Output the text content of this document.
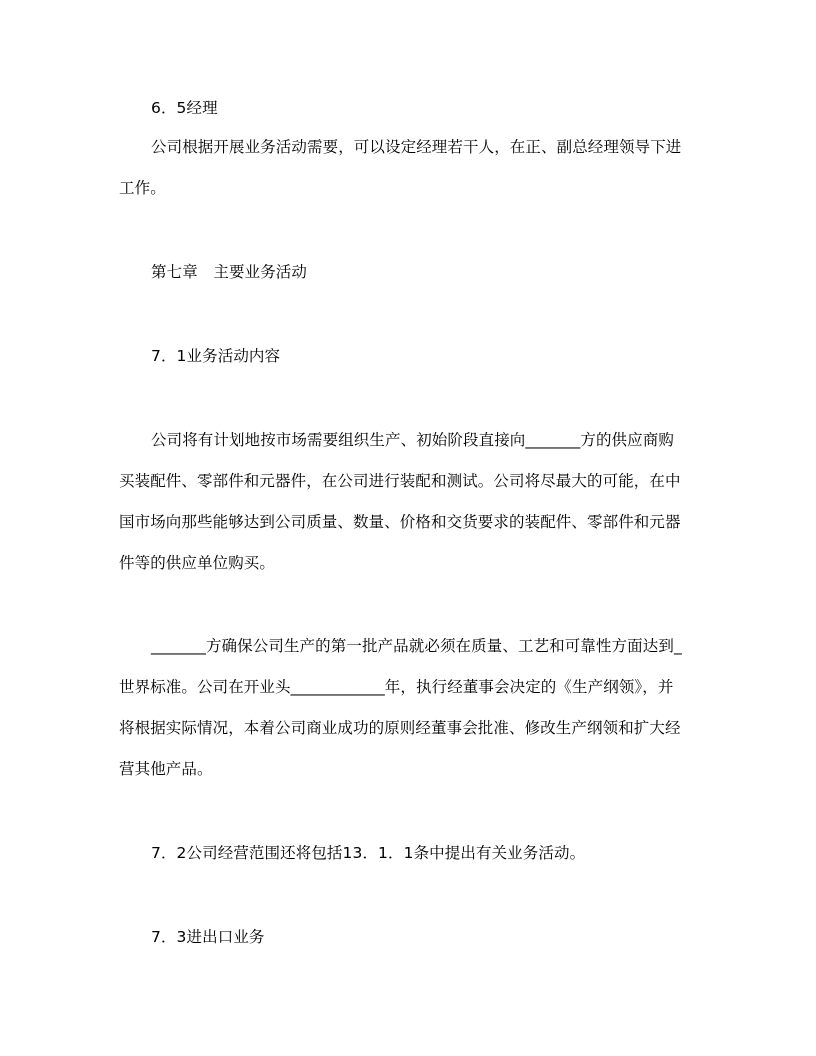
6．5经理
公司根据开展业务活动需要，可以设定经理若干人，在正、副总经理领导下进
工作。
第七章　主要业务活动
7．1业务活动内容
公司将有计划地按市场需要组织生产、初始阶段直接向_______方的供应商购
买装配件、零部件和元器件，在公司进行装配和测试。公司将尽最大的可能，在中
国市场向那些能够达到公司质量、数量、价格和交货要求的装配件、零部件和元器
件等的供应单位购买。
_______方确保公司生产的第一批产品就必须在质量、工艺和可靠性方面达到_
世界标准。公司在开业头____________年，执行经董事会决定的《生产纲领》，并
将根据实际情况，本着公司商业成功的原则经董事会批准、修改生产纲领和扩大经
营其他产品。
7．2公司经营范围还将包括13．1．1条中提出有关业务活动。
7．3进出口业务
